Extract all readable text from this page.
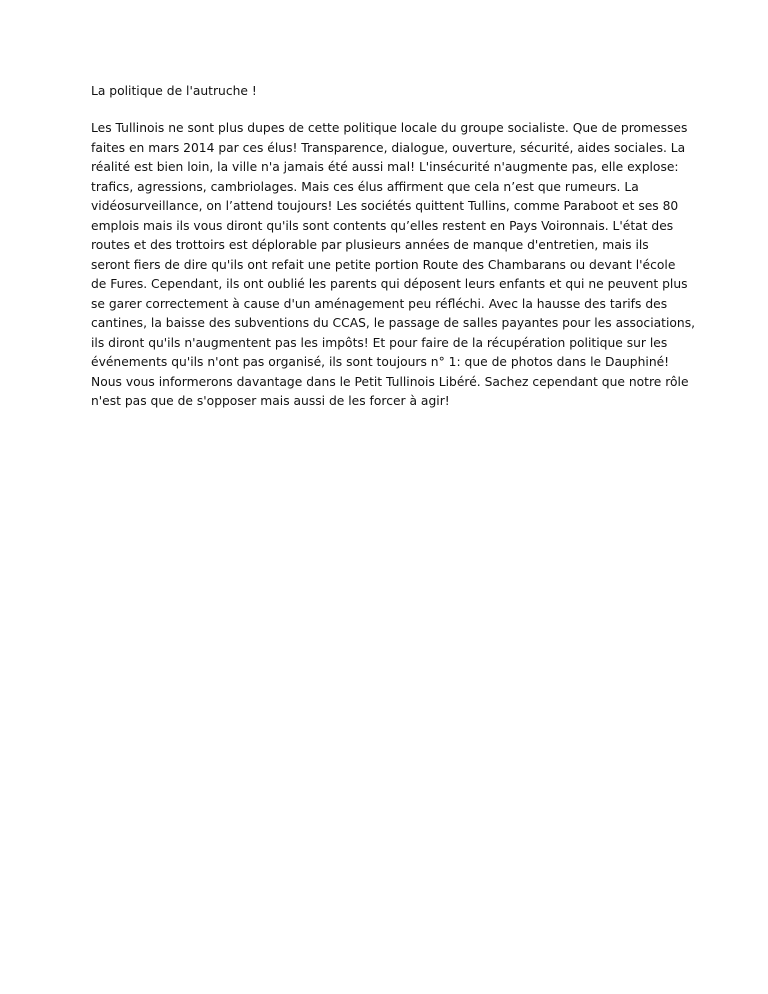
La politique de l'autruche !

Les Tullinois ne sont plus dupes de cette politique locale du groupe socialiste. Que de promesses
faites en mars 2014 par ces élus! Transparence, dialogue, ouverture, sécurité, aides sociales. La
réalité est bien loin, la ville n'a jamais été aussi mal! L'insécurité n'augmente pas, elle explose:
trafics, agressions, cambriolages. Mais ces élus affirment que cela n’est que rumeurs. La
vidéosurveillance, on l’attend toujours! Les sociétés quittent Tullins, comme Paraboot et ses 80
emplois mais ils vous diront qu'ils sont contents qu’elles restent en Pays Voironnais. L'état des
routes et des trottoirs est déplorable par plusieurs années de manque d'entretien, mais ils
seront fiers de dire qu'ils ont refait une petite portion Route des Chambarans ou devant l'école
de Fures. Cependant, ils ont oublié les parents qui déposent leurs enfants et qui ne peuvent plus
se garer correctement à cause d'un aménagement peu réfléchi. Avec la hausse des tarifs des
cantines, la baisse des subventions du CCAS, le passage de salles payantes pour les associations,
ils diront qu'ils n'augmentent pas les impôts! Et pour faire de la récupération politique sur les
événements qu'ils n'ont pas organisé, ils sont toujours n° 1: que de photos dans le Dauphiné!
Nous vous informerons davantage dans le Petit Tullinois Libéré. Sachez cependant que notre rôle
n'est pas que de s'opposer mais aussi de les forcer à agir!
